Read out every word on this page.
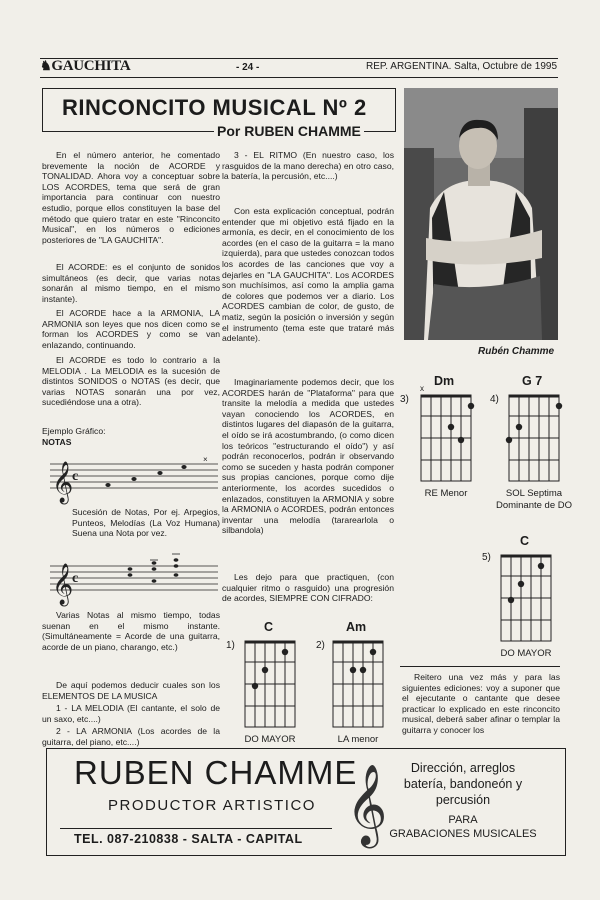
♞GAUCHITA	- 24 -	REP. ARGENTINA. Salta, Octubre de 1995
RINCONCITO MUSICAL Nº 2
Por RUBEN CHAMME
En el número anterior, he comentado brevemente la noción de ACORDE y TONALIDAD. Ahora voy a conceptuar sobre LOS ACORDES, tema que será de gran importancia para continuar con nuestro estudio, porque ellos constituyen la base del método que quiero tratar en este "Rinconcito Musical", en los números o ediciones posteriores de "LA GAUCHITA".
El ACORDE: es el conjunto de sonidos simultáneos (es decir, que varias notas sonarán al mismo tiempo, en el mismo instante).
El ACORDE hace a la ARMONIA, LA ARMONIA son leyes que nos dicen como se forman los ACORDES y como se van enlazando, continuando.
El ACORDE es todo lo contrario a la MELODIA . La MELODIA es la sucesión de distintos SONIDOS o NOTAS (es decir, que varias NOTAS sonarán una por vez, sucediéndose una a otra).
Ejemplo Gráfico:
NOTAS
𝄞
c
×
Sucesión de Notas, Por ej. Arpegios, Punteos, Melodías (La Voz Humana) Suena una Nota por vez.
𝄞
c
Varias Notas al mismo tiempo, todas suenan en el mismo instante. (Simultáneamente = Acorde de una guitarra, acorde de un piano, charango, etc.)
De aquí podemos deducir cuales son los ELEMENTOS DE LA MUSICA
1 - LA MELODIA (El cantante, el solo de un saxo, etc....)
2 - LA ARMONIA (Los acordes de la guitarra, del piano, etc....)
3 - EL RITMO (En nuestro caso, los rasguidos de la mano derecha) en otro caso, la batería, la percusión, etc....)
Con esta explicación conceptual, podrán entender que mi objetivo está fijado en la armonía, es decir, en el conocimiento de los acordes (en el caso de la guitarra = la mano izquierda), para que ustedes conozcan todos los acordes de las canciones que voy a dejarles en "LA GAUCHITA". Los ACORDES son muchísimos, así como la amplia gama de colores que podemos ver a diario. Los ACORDES cambian de color, de gusto, de matiz, según la posición o inversión y según el instrumento (tema este que trataré más adelante).
Imaginariamente podemos decir, que los ACORDES harán de "Plataforma" para que transite la melodía a medida que ustedes vayan conociendo los ACORDES, en distintos lugares del diapasón de la guitarra, el oído se irá acostumbrando, (o como dicen los teóricos "estructurando el oído") y así podrán reconocerlos, podrán ir observando como se suceden y hasta podrán componer sus propias canciones, porque como dije anteriormente, los acordes sucedidos o enlazados, constituyen la ARMONIA y sobre la ARMONIA o ACORDES, podrán entonces inventar una melodía (tararearlola o silbandola)
Les dejo para que practiquen, (con cualquier ritmo o rasguido) una progresión de acordes, SIEMPRE CON CIFRADO:
Rubén Chamme
3)
Dm
x
RE Menor
4)
G 7
SOL Septima Dominante de DO
5)
C
DO MAYOR
1)
C
DO MAYOR
2)
Am
LA menor
Reitero una vez más y para las siguientes ediciones: voy a suponer que el ejecutante o cantante que desee practicar lo explicado en este rinconcito musical, deberá saber afinar o templar la guitarra y conocer los
RUBEN CHAMME
PRODUCTOR ARTISTICO
TEL. 087-210838 - SALTA - CAPITAL 𝄞	Dirección, arreglos batería, bandoneón y percusión
PARA
GRABACIONES MUSICALES
